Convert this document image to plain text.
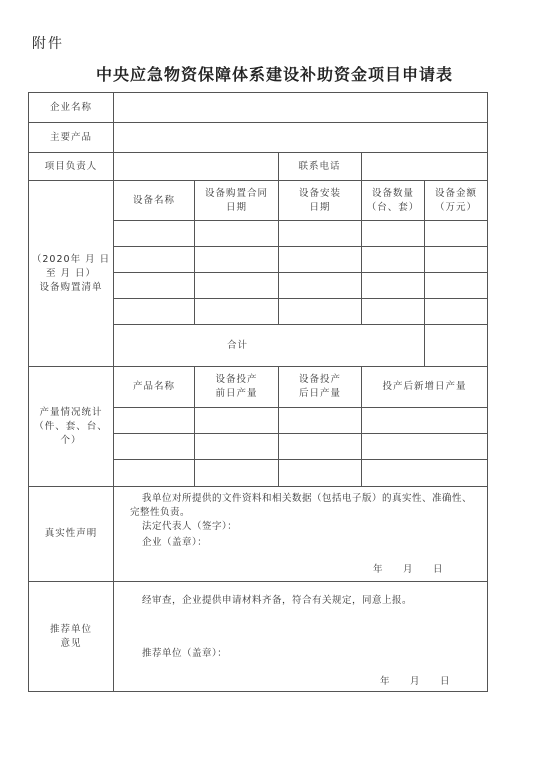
附件
中央应急物资保障体系建设补助资金项目申请表
企业名称
主要产品
项目负责人	联系电话
（2020年 月 日
至 月 日）
设备购置清单
设备名称
设备购置合同
日期
设备安装
日期
设备数量
（台、套）
设备金额
（万元）
合计
产量情况统计
（件、套、台、
个）
产品名称
设备投产
前日产量
设备投产
后日产量
投产后新增日产量
真实性声明
我单位对所提供的文件资料和相关数据（包括电子版）的真实性、准确性、
完整性负责。
法定代表人（签字）：
企业（盖章）：
年　　月　　日
推荐单位
意见
经审查，企业提供申请材料齐备，符合有关规定，同意上报。
推荐单位（盖章）：
年　　月　　日
